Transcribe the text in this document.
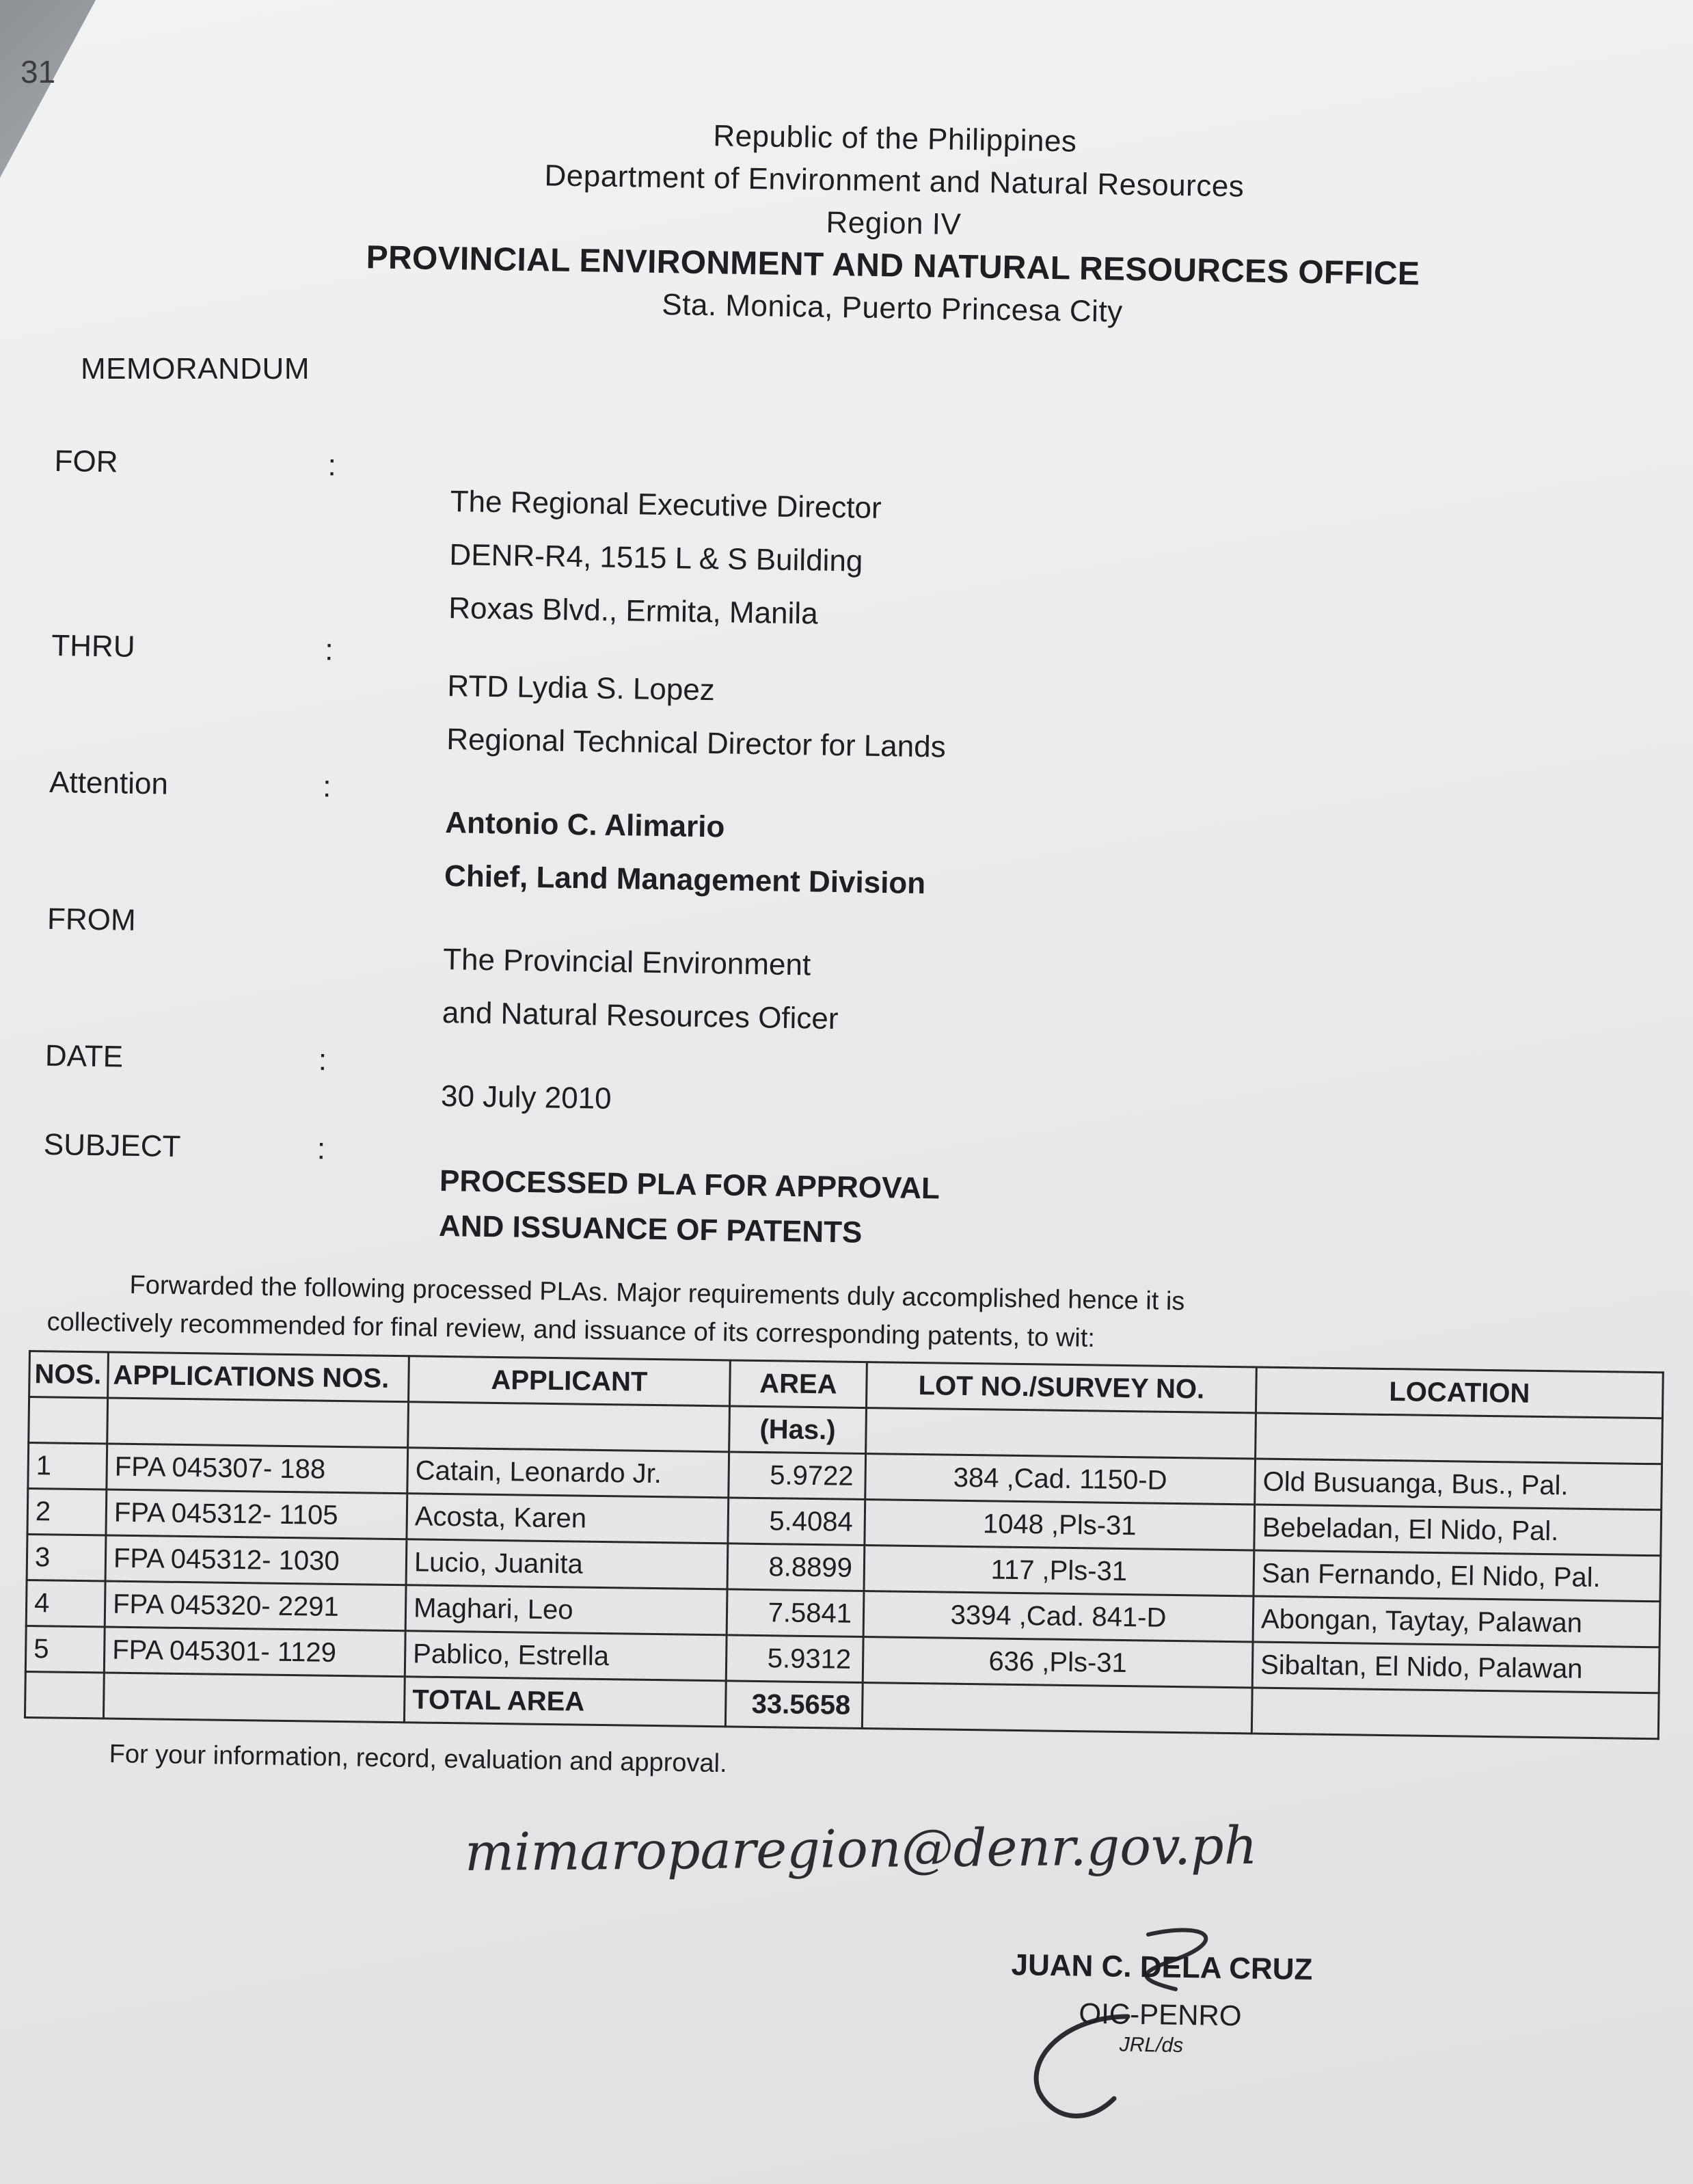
31
Republic of the Philippines
Department of Environment and Natural Resources
Region IV
PROVINCIAL ENVIRONMENT AND NATURAL RESOURCES OFFICE
Sta. Monica, Puerto Princesa City
MEMORANDUM
FOR	:
The Regional Executive Director
DENR-R4, 1515 L & S Building
Roxas Blvd., Ermita, Manila
THRU	:
RTD Lydia S. Lopez
Regional Technical Director for Lands
Attention	:
Antonio C. Alimario
Chief, Land Management Division
FROM
The Provincial Environment
and Natural Resources Oficer
DATE	:
30 July 2010
SUBJECT	:
PROCESSED PLA FOR APPROVAL
AND ISSUANCE OF PATENTS
Forwarded the following processed PLAs. Major requirements duly accomplished hence it is
collectively recommended for final review, and issuance of its corresponding patents, to wit:
NOS.	APPLICATIONS NOS.	APPLICANT	AREA	LOT NO./SURVEY NO.	LOCATION
			(Has.)		
1	FPA 045307- 188	Catain, Leonardo Jr.	5.9722	384 ,Cad. 1150-D	Old Busuanga, Bus., Pal.
2	FPA 045312- 1105	Acosta, Karen	5.4084	1048 ,Pls-31	Bebeladan, El Nido, Pal.
3	FPA 045312- 1030	Lucio, Juanita	8.8899	117 ,Pls-31	San Fernando, El Nido, Pal.
4	FPA 045320- 2291	Maghari, Leo	7.5841	3394 ,Cad. 841-D	Abongan, Taytay, Palawan
5	FPA 045301- 1129	Pablico, Estrella	5.9312	636 ,Pls-31	Sibaltan, El Nido, Palawan
		TOTAL AREA	33.5658		
For your information, record, evaluation and approval.
mimaroparegion@denr.gov.ph
JUAN C. DELA CRUZ
OIC-PENRO
JRL/ds
